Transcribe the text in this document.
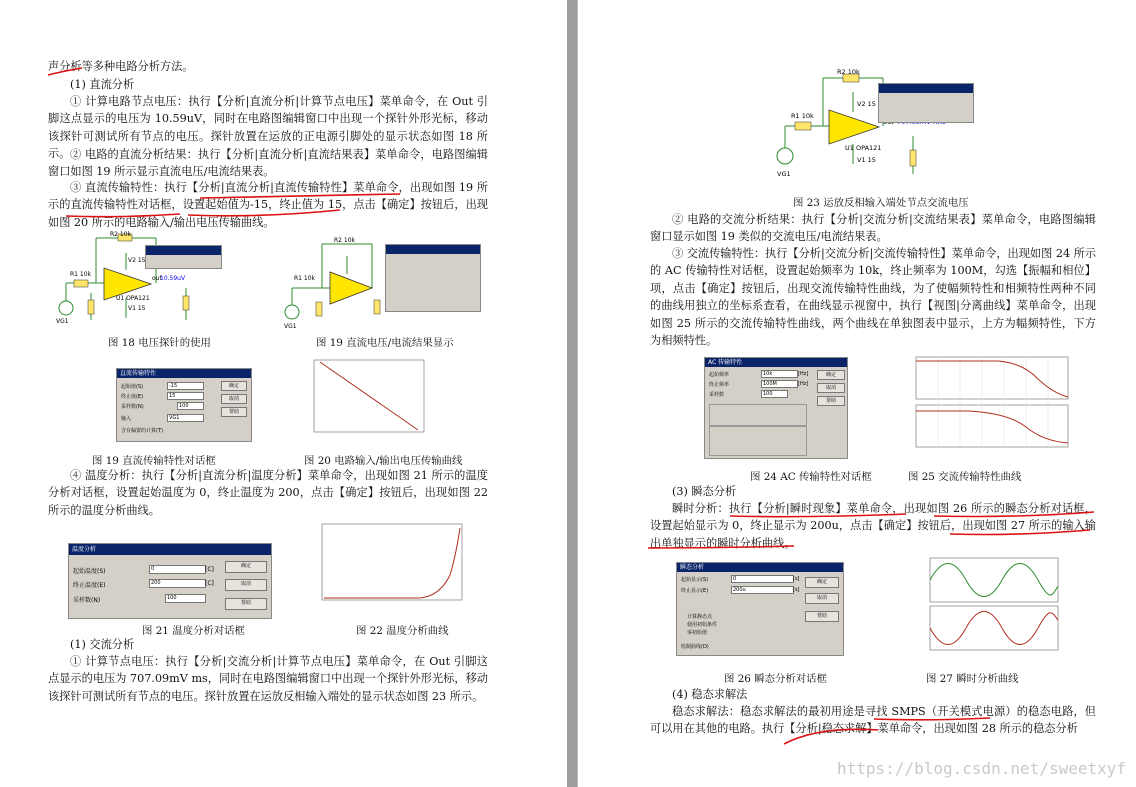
声分析等多种电路分析方法。
(1) 直流分析
① 计算电路节点电压：执行【分析|直流分析|计算节点电压】菜单命令，在 Out 引脚这点显示的电压为 10.59uV，同时在电路图编辑窗口中出现一个探针外形光标，移动该探针可测试所有节点的电压。探针放置在运放的正电源引脚处的显示状态如图 18 所示。 ② 电路的直流分析结果：执行【分析|直流分析|直流结果表】菜单命令，电路图编辑窗口如图 19 所示显示直流电压/电流结果表。
③ 直流传输特性：执行【分析|直流分析|直流传输特性】菜单命令，出现如图 19 所示的直流传输特性对话框，设置起始值为-15，终止值为 15，点击【确定】按钮后，出现如图 20 所示的电路输入/输出电压传输曲线。
R2 10k
R1 10k
VG1
V2 15
V1 15
U1 OPA121
out
10.59uV
R2 10k
R1 10k
VG1
图 18 电压探针的使用	图 19 直流电压/电流结果显示
直流传输特性
起始值(S)	-15
终止值(E)	15
采样数(N)	100
输入	VG1
含有偏置的计算(T)
确定
取消
帮助
图 19 直流传输特性对话框	图 20 电路输入/输出电压传输曲线
④ 温度分析：执行【分析|直流分析|温度分析】菜单命令，出现如图 21 所示的温度分析对话框，设置起始温度为 0，终止温度为 200，点击【确定】按钮后，出现如图 22 所示的温度分析曲线。
温度分析
起始温度(S)	0	[C]
终止温度(E)	200	[C]
采样数(N)	100
确定
取消
帮助
图 21 温度分析对话框	图 22 温度分析曲线
(1) 交流分析
① 计算节点电压：执行【分析|交流分析|计算节点电压】菜单命令，在 Out 引脚这点显示的电压为 707.09mV ms，同时在电路图编辑窗口中出现一个探针外形光标，移动该探针可测试所有节点的电压。探针放置在运放反相输入端处的显示状态如图 23 所示。
R2 10k
R1 10k
VG1
V2 15
V1 15
U1 OPA121
图 23 运放反相输入端处节点交流电压
② 电路的交流分析结果：执行【分析|交流分析|交流结果表】菜单命令，电路图编辑窗口显示如图 19 类似的交流电压/电流结果表。
③ 交流传输特性：执行【分析|交流分析|交流传输特性】菜单命令，出现如图 24 所示的 AC 传输特性对话框，设置起始频率为 10k，终止频率为 100M，勾选【振幅和相位】项，点击【确定】按钮后，出现交流传输特性曲线，为了使幅频特性和相频特性两种不同的曲线用独立的坐标系查看，在曲线显示视窗中，执行【视图|分离曲线】菜单命令，出现如图 25 所示的交流传输特性曲线，两个曲线在单独图表中显示，上方为幅频特性，下方为相频特性。
AC 传输特性
起始频率	10k	[Hz]
终止频率	100M	[Hz]
采样数	100
确定
取消
帮助
图 24 AC 传输特性对话框	图 25 交流传输特性曲线
(3) 瞬态分析
瞬时分析：执行【分析|瞬时现象】菜单命令，出现如图 26 所示的瞬态分析对话框，设置起始显示为 0，终止显示为 200u，点击【确定】按钮后，出现如图 27 所示的输入输出单独显示的瞬时分析曲线。
瞬态分析
起始显示(S)	0	[s]
终止显示(E)	200u	[s]
计算静态点
使用初始条件
零初始值
绘制曲线(D)
确定
取消
帮助
图 26 瞬态分析对话框	图 27 瞬时分析曲线
(4) 稳态求解法
稳态求解法：稳态求解法的最初用途是寻找 SMPS（开关模式电源）的稳态电路，但可以用在其他的电路。执行【分析|稳态求解】菜单命令，出现如图 28 所示的稳态分析
https://blog.csdn.net/sweetxyf
